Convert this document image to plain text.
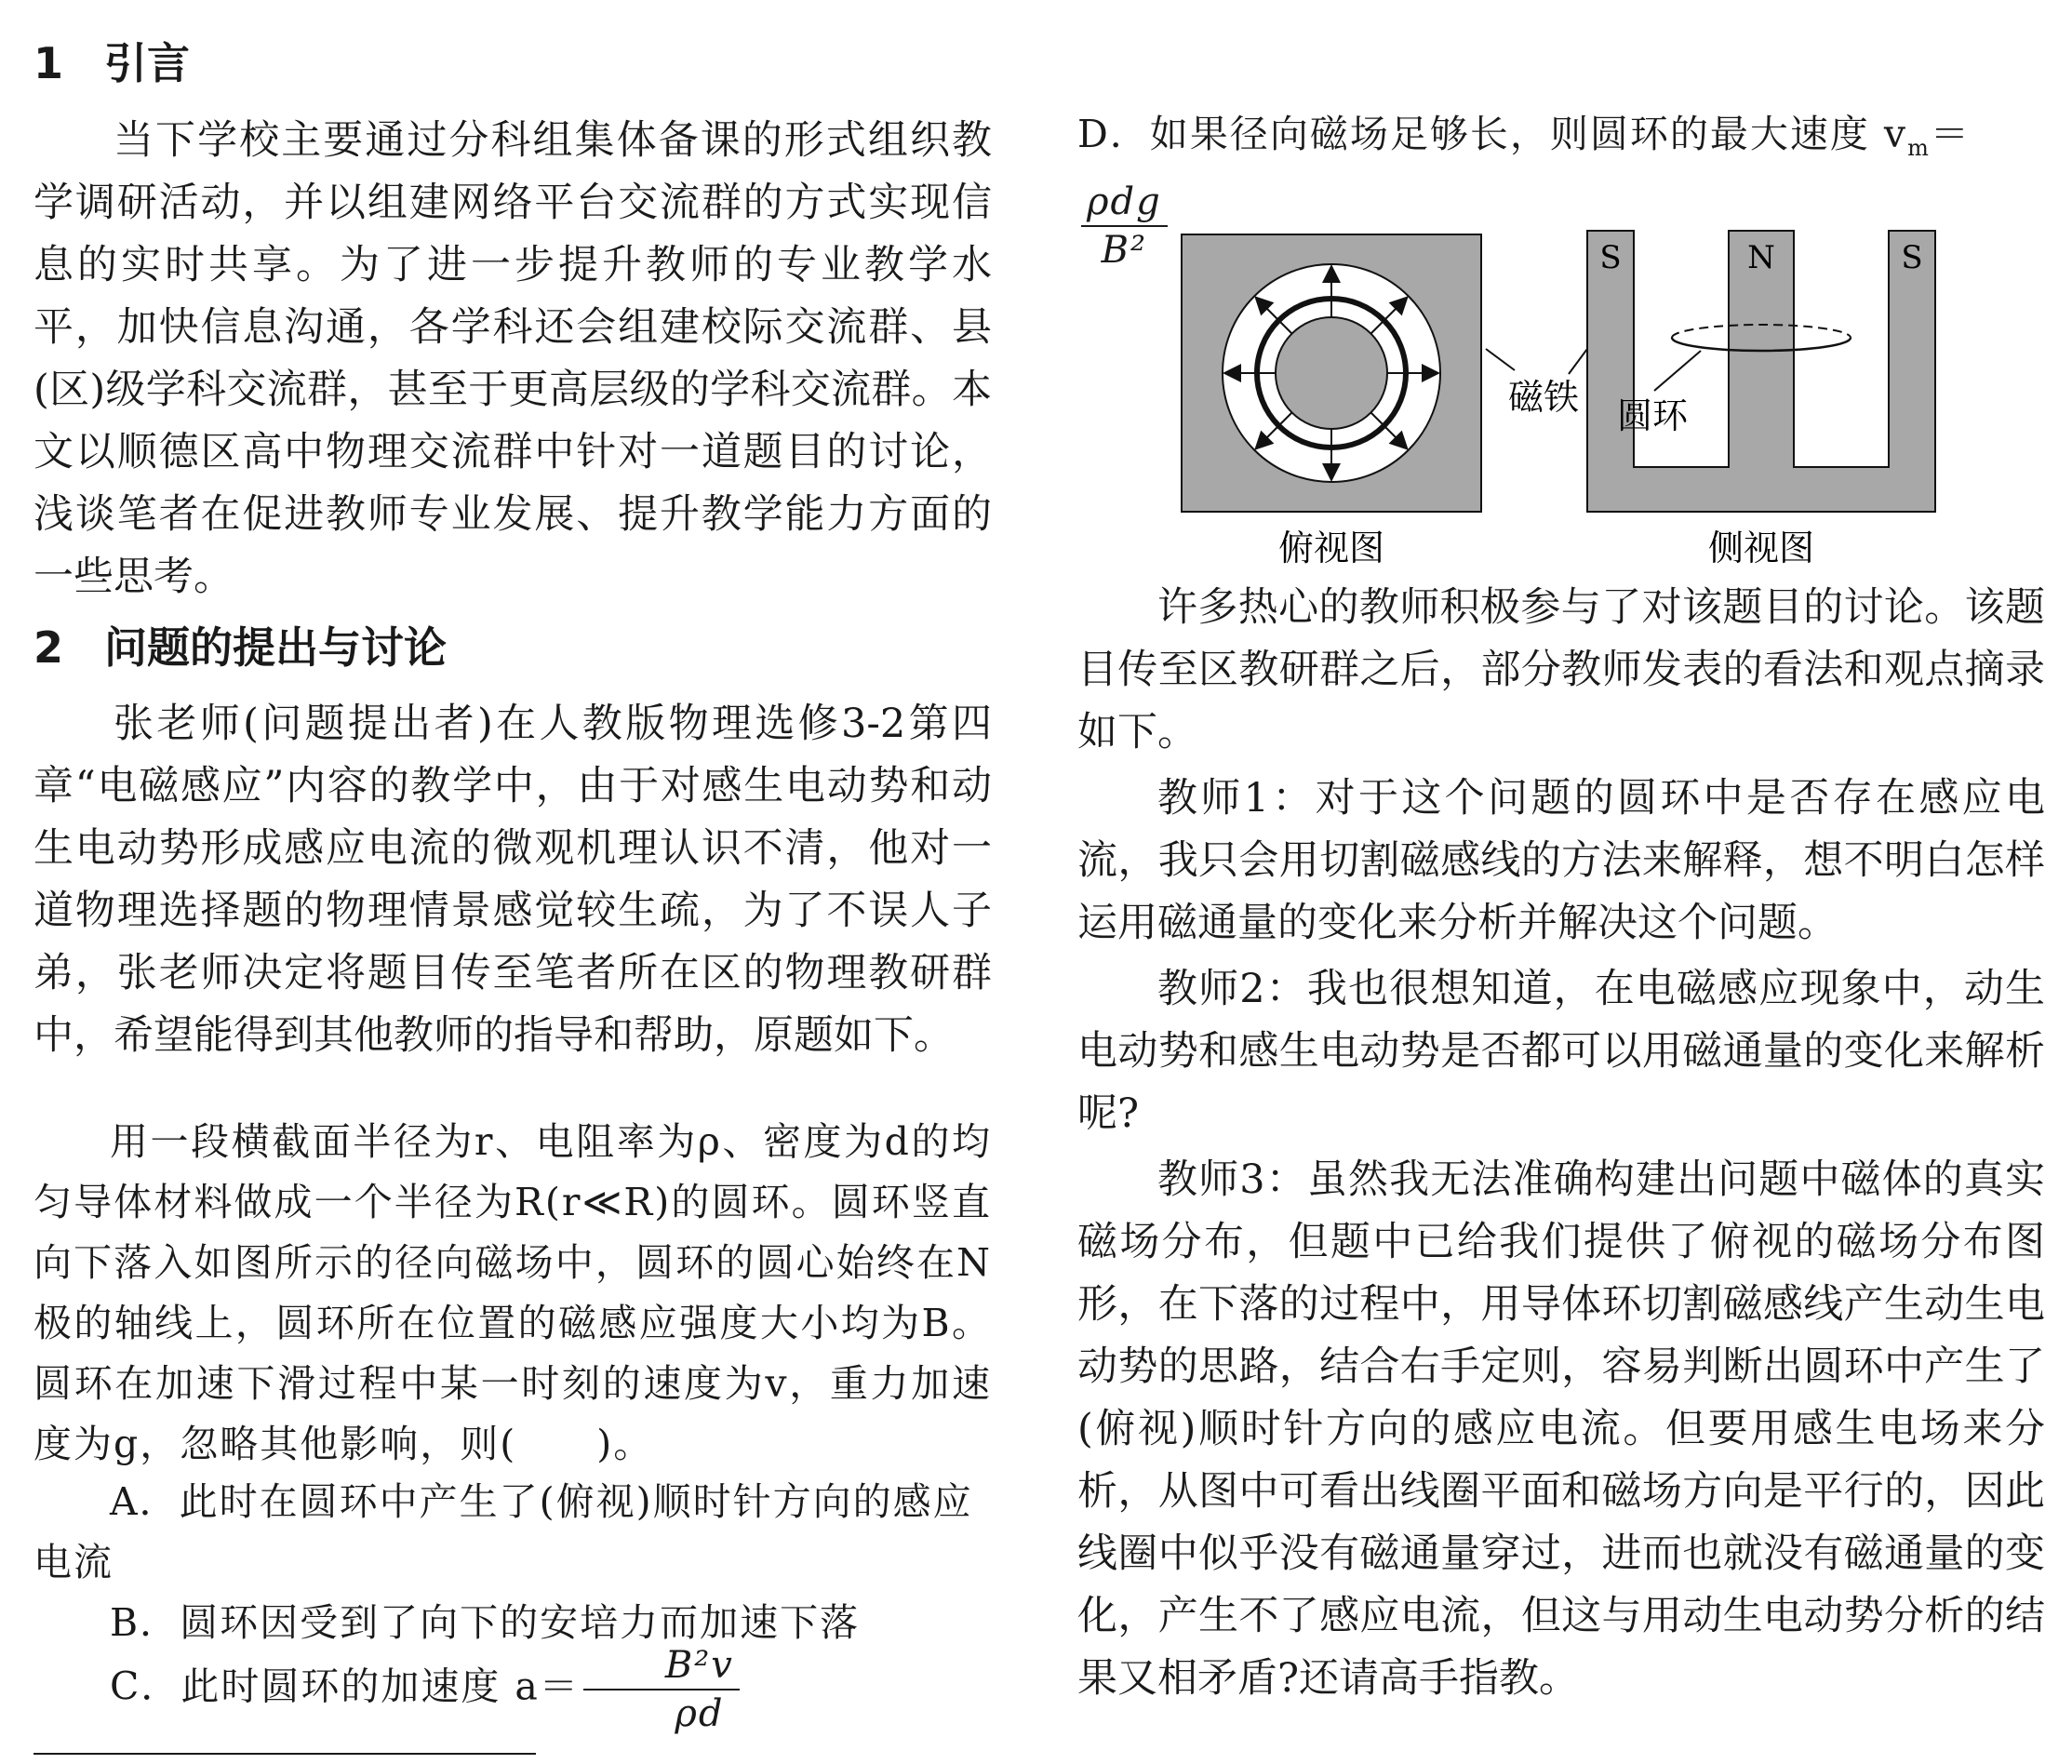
1 引言

当下学校主要通过分科组集体备课的形式组织教学调研活动，并以组建网络平台交流群的方式实现信息的实时共享。为了进一步提升教师的专业教学水平，加快信息沟通，各学科还会组建校际交流群、县(区)级学科交流群，甚至于更高层级的学科交流群。本文以顺德区高中物理交流群中针对一道题目的讨论，浅谈笔者在促进教师专业发展、提升教学能力方面的一些思考。

2 问题的提出与讨论

张老师(问题提出者)在人教版物理选修3-2第四章“电磁感应”内容的教学中，由于对感生电动势和动生电动势形成感应电流的微观机理认识不清，他对一道物理选择题的物理情景感觉较生疏，为了不误人子弟，张老师决定将题目传至笔者所在区的物理教研群中，希望能得到其他教师的指导和帮助，原题如下。

用一段横截面半径为r、电阻率为ρ、密度为d的均匀导体材料做成一个半径为R(r≪R)的圆环。圆环竖直向下落入如图所示的径向磁场中，圆环的圆心始终在N极的轴线上，圆环所在位置的磁感应强度大小均为B。圆环在加速下滑过程中某一时刻的速度为v，重力加速度为g，忽略其他影响，则(　　)。

A．此时在圆环中产生了(俯视)顺时针方向的感应电流

B．圆环因受到了向下的安培力而加速下落

C．此时圆环的加速度 $a= \frac{\text{B²v}}{\rho d}$

D．如果径向磁场足够长，则圆环的最大速度 $v_m=$
$\frac{\text{ρdg}}{\text{B²}}$

许多热心的教师积极参与了对该题目的讨论。该题目传至区教研群之后，部分教师发表的看法和观点摘录如下。

教师1：对于这个问题的圆环中是否存在感应电流，我只会用切割磁感线的方法来解释，想不明白怎样运用磁通量的变化来分析并解决这个问题。

教师2：我也很想知道，在电磁感应现象中，动生电动势和感生电动势是否都可以用磁通量的变化来解析呢?

教师3：虽然我无法准确构建出问题中磁体的真实磁场分布，但题中已给我们提供了俯视的磁场分布图形，在下落的过程中，用导体环切割磁感线产生动生电动势的思路，结合右手定则，容易判断出圆环中产生了(俯视)顺时针方向的感应电流。但要用感生电场来分析，从图中可看出线圈平面和磁场方向是平行的，因此线圈中似乎没有磁通量穿过，进而也就没有磁通量的变化，产生不了感应电流，但这与用动生电动势分析的结果又相矛盾?还请高手指教。

S	N	S
磁铁 圆环
俯视图	侧视图
